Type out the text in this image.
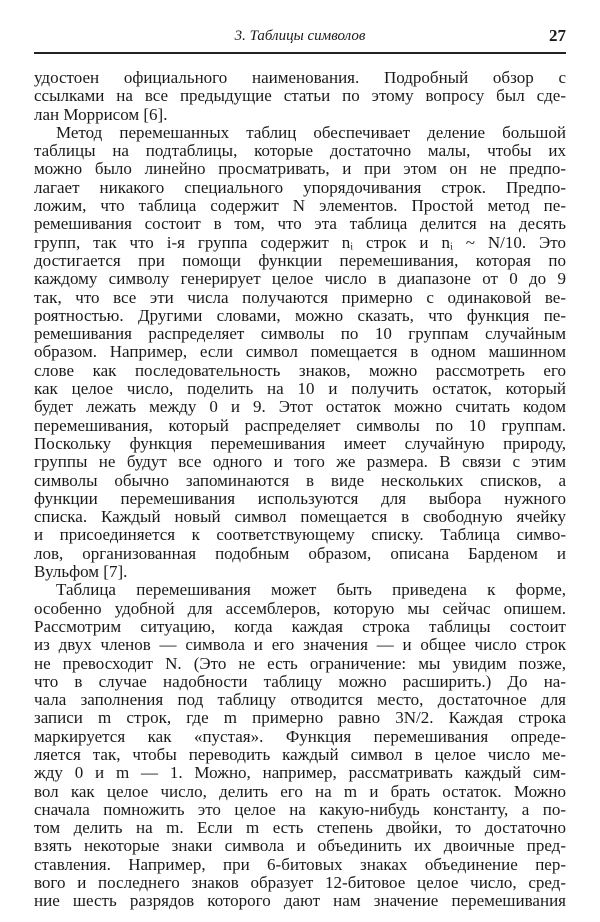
3. Таблицы символов	27
удостоен официального наименования. Подробный обзор с
ссылками на все предыдущие статьи по этому вопросу был сде-
лан Моррисом [6].
Метод перемешанных таблиц обеспечивает деление большой
таблицы на подтаблицы, которые достаточно малы, чтобы их
можно было линейно просматривать, и при этом он не предпо-
лагает никакого специального упорядочивания строк. Предпо-
ложим, что таблица содержит N элементов. Простой метод пе-
ремешивания состоит в том, что эта таблица делится на десять
групп, так что i-я группа содержит nᵢ строк и nᵢ ~ N/10. Это
достигается при помощи функции перемешивания, которая по
каждому символу генерирует целое число в диапазоне от 0 до 9
так, что все эти числа получаются примерно с одинаковой ве-
роятностью. Другими словами, можно сказать, что функция пе-
ремешивания распределяет символы по 10 группам случайным
образом. Например, если символ помещается в одном машинном
слове как последовательность знаков, можно рассмотреть его
как целое число, поделить на 10 и получить остаток, который
будет лежать между 0 и 9. Этот остаток можно считать кодом
перемешивания, который распределяет символы по 10 группам.
Поскольку функция перемешивания имеет случайную природу,
группы не будут все одного и того же размера. В связи с этим
символы обычно запоминаются в виде нескольких списков, а
функции перемешивания используются для выбора нужного
списка. Каждый новый символ помещается в свободную ячейку
и присоединяется к соответствующему списку. Таблица симво-
лов, организованная подобным образом, описана Барденом и
Вульфом [7].
Таблица перемешивания может быть приведена к форме,
особенно удобной для ассемблеров, которую мы сейчас опишем.
Рассмотрим ситуацию, когда каждая строка таблицы состоит
из двух членов — символа и его значения — и общее число строк
не превосходит N. (Это не есть ограничение: мы увидим позже,
что в случае надобности таблицу можно расширить.) До на-
чала заполнения под таблицу отводится место, достаточное для
записи m строк, где m примерно равно 3N/2. Каждая строка
маркируется как «пустая». Функция перемешивания опреде-
ляется так, чтобы переводить каждый символ в целое число ме-
жду 0 и m — 1. Можно, например, рассматривать каждый сим-
вол как целое число, делить его на m и брать остаток. Можно
сначала помножить это целое на какую-нибудь константу, а по-
том делить на m. Если m есть степень двойки, то достаточно
взять некоторые знаки символа и объединить их двоичные пред-
ставления. Например, при 6-битовых знаках объединение пер-
вого и последнего знаков образует 12-битовое целое число, сред-
ние шесть разрядов которого дают нам значение перемешивания
